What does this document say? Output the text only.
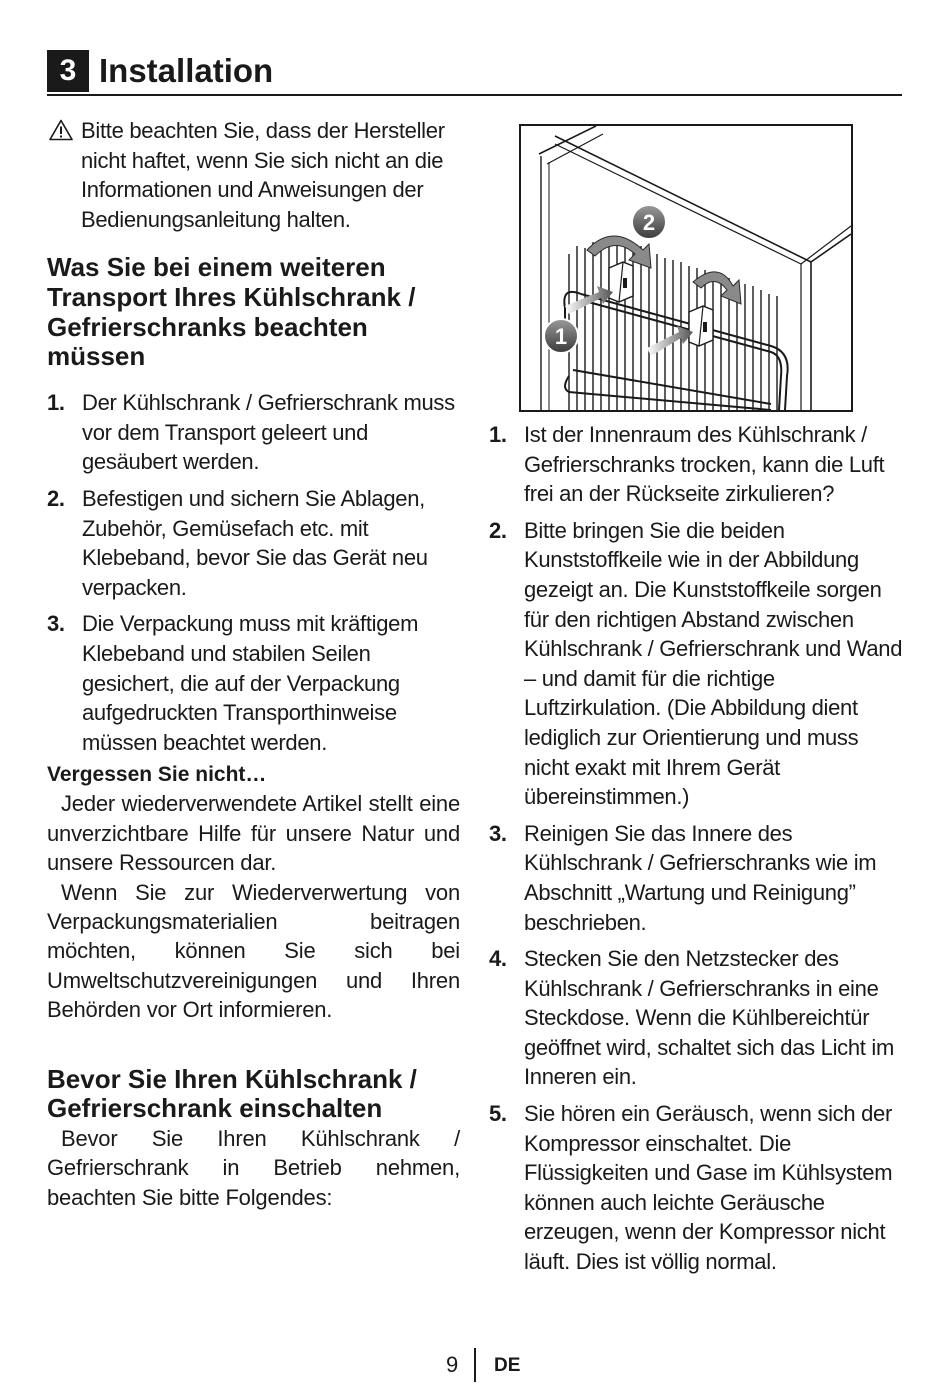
3 Installation
Bitte beachten Sie, dass der Hersteller nicht haftet, wenn Sie sich nicht an die Informationen und Anweisungen der Bedienungsanleitung halten.
Was Sie bei einem weiteren Transport Ihres Kühlschrank / Gefrierschranks beachten müssen
1. Der Kühlschrank / Gefrierschrank muss vor dem Transport geleert und gesäubert werden.
2. Befestigen und sichern Sie Ablagen, Zubehör, Gemüsefach etc. mit Klebeband, bevor Sie das Gerät neu verpacken.
3. Die Verpackung muss mit kräftigem Klebeband und stabilen Seilen gesichert, die auf der Verpackung aufgedruckten Transporthinweise müssen beachtet werden.
Vergessen Sie nicht…

Jeder wiederverwendete Artikel stellt eine unverzichtbare Hilfe für unsere Natur und unsere Ressourcen dar.

Wenn Sie zur Wiederverwertung von Verpackungsmaterialien beitragen möchten, können Sie sich bei Umweltschutzvereinigungen und Ihren Behörden vor Ort informieren.

Bevor Sie Ihren Kühlschrank / Gefrierschrank einschalten

Bevor Sie Ihren Kühlschrank / Gefrierschrank in Betrieb nehmen, beachten Sie bitte Folgendes:

1
2
1. Ist der Innenraum des Kühlschrank / Gefrierschranks trocken, kann die Luft frei an der Rückseite zirkulieren?
2. Bitte bringen Sie die beiden Kunststoffkeile wie in der Abbildung gezeigt an. Die Kunststoffkeile sorgen für den richtigen Abstand zwischen Kühlschrank / Gefrierschrank und Wand – und damit für die richtige Luftzirkulation. (Die Abbildung dient lediglich zur Orientierung und muss nicht exakt mit Ihrem Gerät übereinstimmen.)
3. Reinigen Sie das Innere des Kühlschrank / Gefrierschranks wie im Abschnitt „Wartung und Reinigung” beschrieben.
4. Stecken Sie den Netzstecker des Kühlschrank / Gefrierschranks in eine Steckdose. Wenn die Kühlbereichtür geöffnet wird, schaltet sich das Licht im Inneren ein.
5. Sie hören ein Geräusch, wenn sich der Kompressor einschaltet. Die Flüssigkeiten und Gase im Kühlsystem können auch leichte Geräusche erzeugen, wenn der Kompressor nicht läuft. Dies ist völlig normal.
9 DE
